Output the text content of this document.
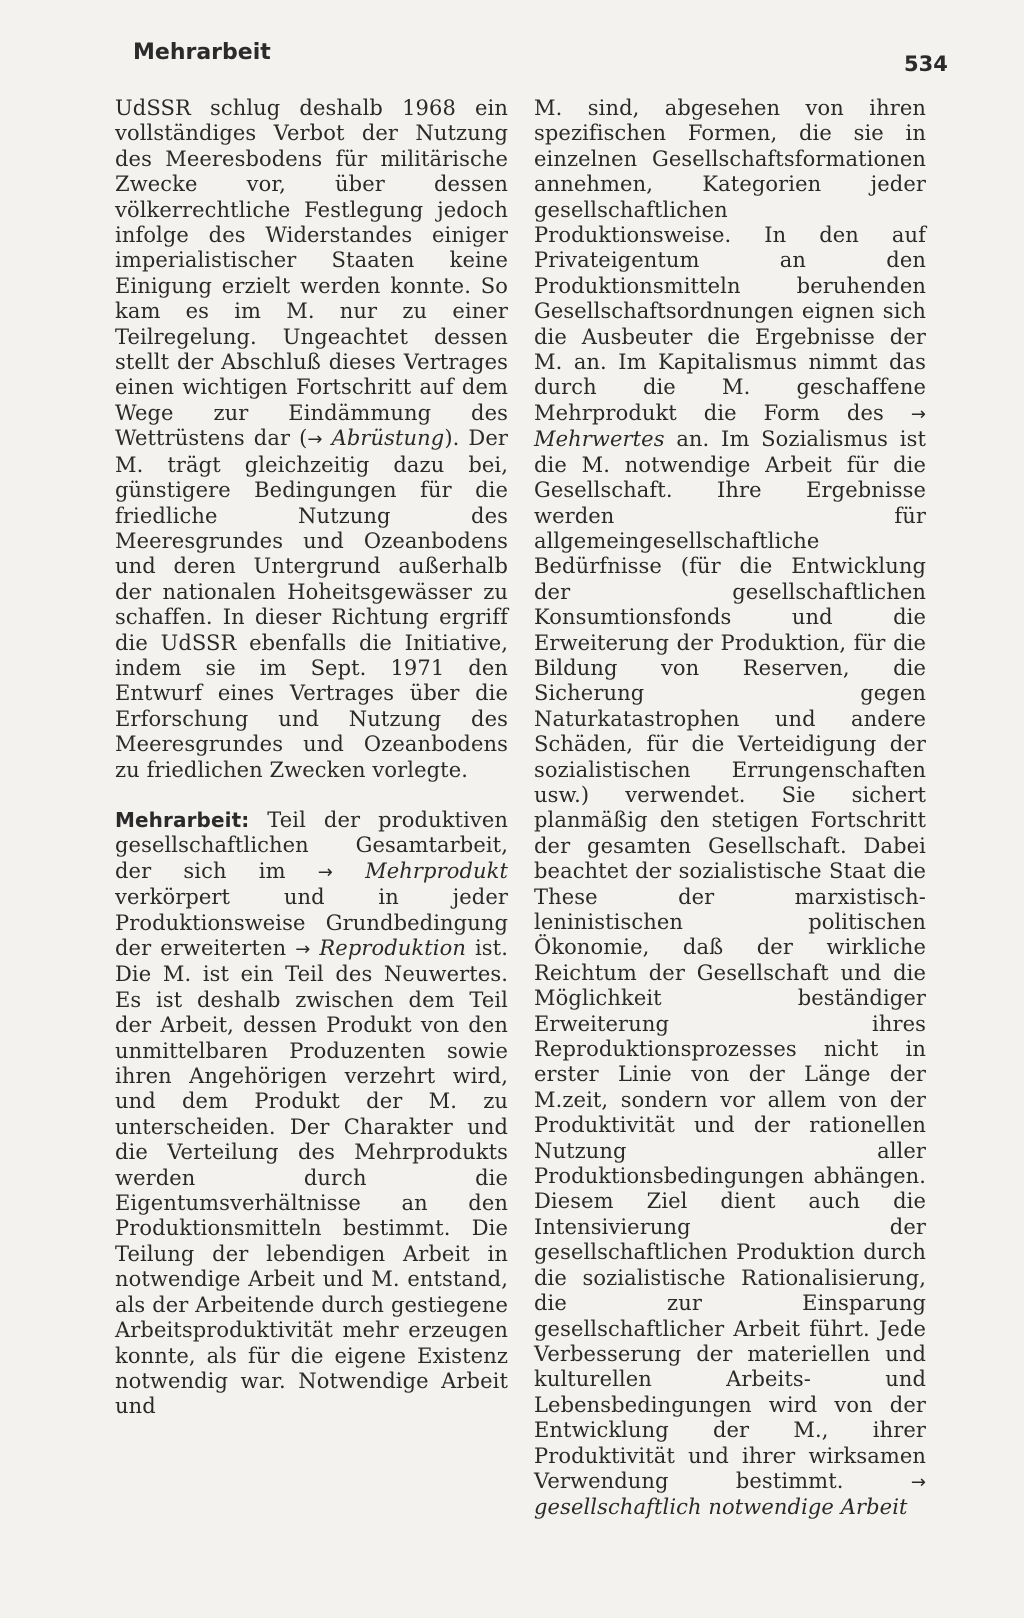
Mehrarbeit	534

UdSSR schlug deshalb 1968 ein vollständiges Verbot der Nutzung des Meeresbodens für militärische Zwecke vor, über dessen völkerrechtliche Festlegung jedoch infolge des Widerstandes einiger imperialistischer Staaten keine Einigung erzielt werden konnte. So kam es im M. nur zu einer Teilregelung. Ungeachtet dessen stellt der Abschluß dieses Vertrages einen wichtigen Fortschritt auf dem Wege zur Eindämmung des Wettrüstens dar (→ Abrüstung). Der M. trägt gleichzeitig dazu bei, günstigere Bedingungen für die friedliche Nutzung des Meeresgrundes und Ozeanbodens und deren Untergrund außerhalb der nationalen Hoheitsgewässer zu schaffen. In dieser Richtung ergriff die UdSSR ebenfalls die Initiative, indem sie im Sept. 1971 den Entwurf eines Vertrages über die Erforschung und Nutzung des Meeresgrundes und Ozeanbodens zu friedlichen Zwecken vorlegte.

Mehrarbeit: Teil der produktiven gesellschaftlichen Gesamtarbeit, der sich im → Mehrprodukt verkörpert und in jeder Produktionsweise Grundbedingung der erweiterten → Reproduktion ist. Die M. ist ein Teil des Neuwertes. Es ist deshalb zwischen dem Teil der Arbeit, dessen Produkt von den unmittelbaren Produzenten sowie ihren Angehörigen verzehrt wird, und dem Produkt der M. zu unterscheiden. Der Charakter und die Verteilung des Mehrprodukts werden durch die Eigentumsverhältnisse an den Produktionsmitteln bestimmt. Die Teilung der lebendigen Arbeit in notwendige Arbeit und M. entstand, als der Arbeitende durch gestiegene Arbeitsproduktivität mehr erzeugen konnte, als für die eigene Existenz notwendig war. Notwendige Arbeit und

M. sind, abgesehen von ihren spezifischen Formen, die sie in einzelnen Gesellschaftsformationen annehmen, Kategorien jeder gesellschaftlichen Produktionsweise. In den auf Privateigentum an den Produktionsmitteln beruhenden Gesellschaftsordnungen eignen sich die Ausbeuter die Ergebnisse der M. an. Im Kapitalismus nimmt das durch die M. geschaffene Mehrprodukt die Form des → Mehrwertes an. Im Sozialismus ist die M. notwendige Arbeit für die Gesellschaft. Ihre Ergebnisse werden für allgemeingesellschaftliche Bedürfnisse (für die Entwicklung der gesellschaftlichen Konsumtionsfonds und die Erweiterung der Produktion, für die Bildung von Reserven, die Sicherung gegen Naturkatastrophen und andere Schäden, für die Verteidigung der sozialistischen Errungenschaften usw.) verwendet. Sie sichert planmäßig den stetigen Fortschritt der gesamten Gesellschaft. Dabei beachtet der sozialistische Staat die These der marxistisch-leninistischen politischen Ökonomie, daß der wirkliche Reichtum der Gesellschaft und die Möglichkeit beständiger Erweiterung ihres Reproduktionsprozesses nicht in erster Linie von der Länge der M.zeit, sondern vor allem von der Produktivität und der rationellen Nutzung aller Produktionsbedingungen abhängen. Diesem Ziel dient auch die Intensivierung der gesellschaftlichen Produktion durch die sozialistische Rationalisierung, die zur Einsparung gesellschaftlicher Arbeit führt. Jede Verbesserung der materiellen und kulturellen Arbeits- und Lebensbedingungen wird von der Entwicklung der M., ihrer Produktivität und ihrer wirksamen Verwendung bestimmt. → gesellschaftlich notwendige Arbeit
